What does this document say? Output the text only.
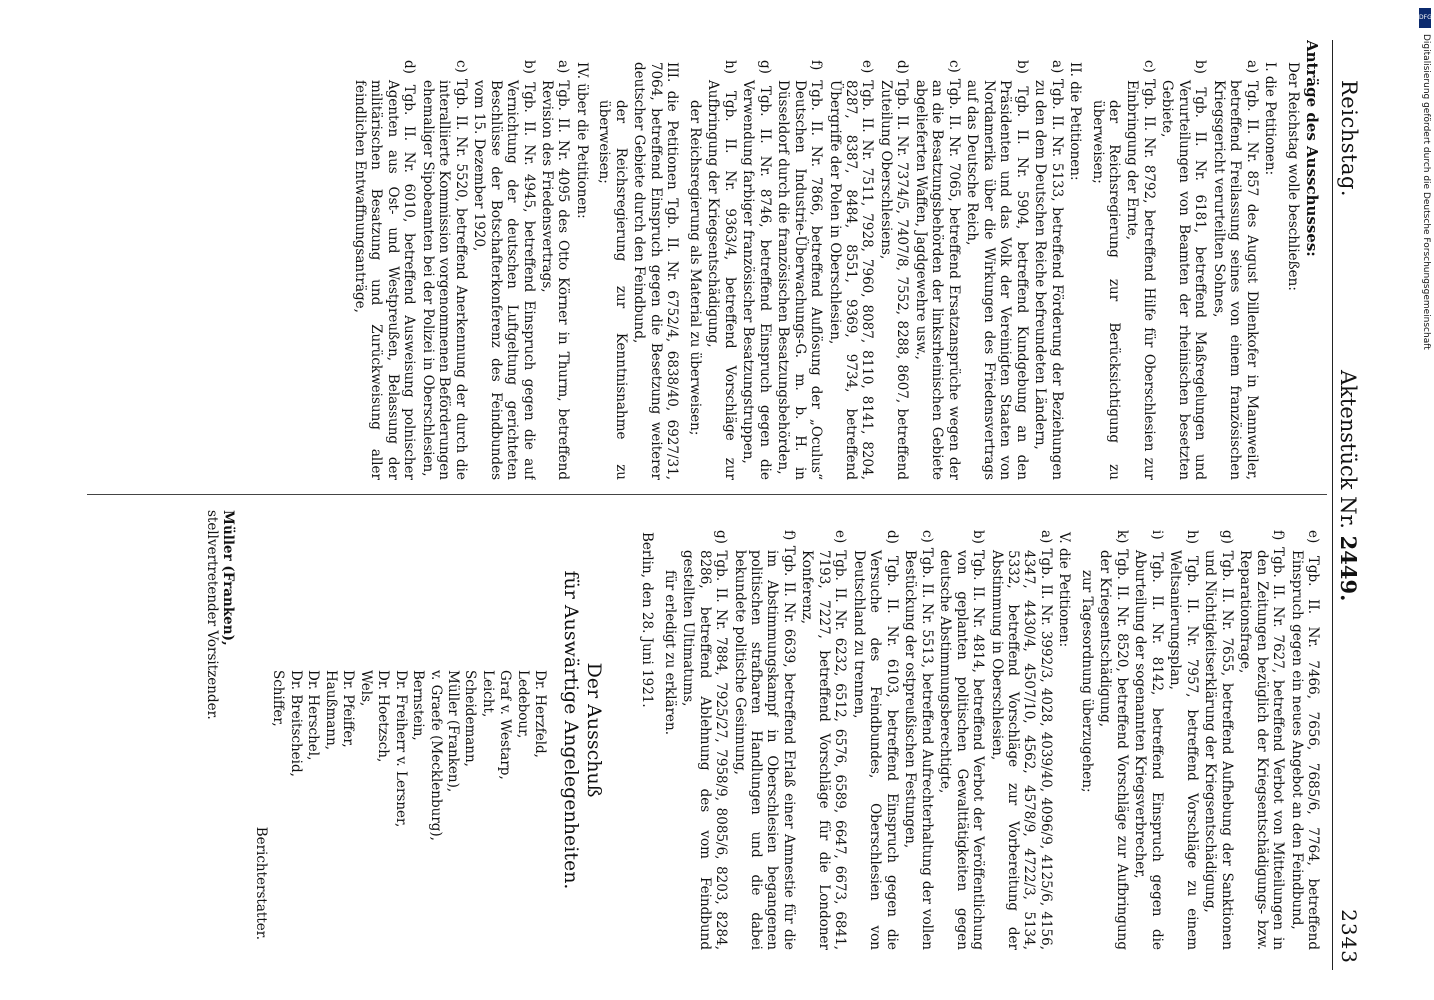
DFG
Digitalisierung gefördert durch die Deutsche Forschungsgemeinschaft
Reichstag.
Aktenstück Nr. 2449.
2343

Anträge des Ausschusses:

Der Reichstag wolle beschließen:

I. die Petitionen:

a) Tgb. II. Nr. 857 des August Dillenkofer in Mannweiler, betreffend Freilassung seines von einem französischen Kriegsgericht verurteilten Sohnes,

b) Tgb. II. Nr. 6181, betreffend Maßregelungen und Verurteilungen von Beamten der rheinischen besetzten Gebiete,

c) Tgb. II. Nr. 8792, betreffend Hilfe für Oberschlesien zur Einbringung der Ernte,

der Reichsregierung zur Berücksichtigung zu überweisen;

II. die Petitionen:

a) Tgb. II. Nr. 5133, betreffend Förderung der Beziehungen zu den dem Deutschen Reiche befreundeten Ländern,

b) Tgb. II. Nr. 5904, betreffend Kundgebung an den Präsidenten und das Volk der Vereinigten Staaten von Nordamerika über die Wirkungen des Friedensvertrags auf das Deutsche Reich,

c) Tgb. II. Nr. 7065, betreffend Ersatzansprüche wegen der an die Besatzungsbehörden der linksrheinischen Gebiete abgelieferten Waffen, Jagdgewehre usw.,

d) Tgb. II. Nr. 7374/5, 7407/8, 7552, 8288, 8607, betreffend Zuteilung Oberschlesiens,

e) Tgb. II. Nr. 7511, 7928, 7960, 8087, 8110, 8141, 8204, 8287, 8387, 8484, 8551, 9369, 9734, betreffend Übergriffe der Polen in Oberschlesien,

f) Tgb. II. Nr. 7866, betreffend Auflösung der „Oculus“ Deutschen Industrie-Überwachungs-G. m. b. H. in Düsseldorf durch die französischen Besatzungsbehörden,

g) Tgb. II. Nr. 8746, betreffend Einspruch gegen die Verwendung farbiger französischer Besatzungstruppen,

h) Tgb. II. Nr. 9363/4, betreffend Vorschläge zur Aufbringung der Kriegsentschädigung,

der Reichsregierung als Material zu überweisen;

III. die Petitionen Tgb. II. Nr. 6752/4, 6838/40, 6927/31, 7064, betreffend Einspruch gegen die Besetzung weiterer deutscher Gebiete durch den Feindbund,

der Reichsregierung zur Kenntnisnahme zu überweisen;

IV. über die Petitionen:

a) Tgb. II. Nr. 4095 des Otto Körner in Thurm, betreffend Revision des Friedensvertrags,

b) Tgb. II. Nr. 4945, betreffend Einspruch gegen die auf Vernichtung der deutschen Luftgeltung gerichteten Beschlüsse der Botschafterkonferenz des Feindbundes vom 15. Dezember 1920,

c) Tgb. II. Nr. 5520, betreffend Anerkennung der durch die interalliierte Kommission vorgenommenen Beförderungen ehemaliger Sipobeamten bei der Polizei in Oberschlesien,

d) Tgb. II. Nr. 6010, betreffend Ausweisung polnischer Agenten aus Ost- und Westpreußen, Belassung der militärischen Besatzung und Zurückweisung aller feindlichen Entwaffnungsanträge,

e) Tgb. II. Nr. 7466, 7656, 7685/6, 7764, betreffend Einspruch gegen ein neues Angebot an den Feindbund,

f) Tgb. II. Nr. 7627, betreffend Verbot von Mitteilungen in den Zeitungen bezüglich der Kriegsentschädigungs- bzw. Reparationsfrage,

g) Tgb. II. Nr. 7655, betreffend Aufhebung der Sanktionen und Nichtigkeitserklärung der Kriegsentschädigung,

h) Tgb. II. Nr. 7957, betreffend Vorschläge zu einem Weltsanierungsplan,

i) Tgb. II. Nr. 8142, betreffend Einspruch gegen die Aburteilung der sogenannten Kriegsverbrecher,

k) Tgb. II. Nr. 8520, betreffend Vorschläge zur Aufbringung der Kriegsentschädigung,

zur Tagesordnung überzugehen;

V. die Petitionen:

a) Tgb. II. Nr. 3992/3, 4028, 4039/40, 4096/9, 4125/6, 4156, 4347, 4430/4, 4507/10, 4562, 4578/9, 4722/3, 5134, 5332, betreffend Vorschläge zur Vorbereitung der Abstimmung in Oberschlesien,

b) Tgb. II. Nr. 4814, betreffend Verbot der Veröffentlichung von geplanten politischen Gewalttätigkeiten gegen deutsche Abstimmungsberechtigte,

c) Tgb. II. Nr. 5513, betreffend Aufrechterhaltung der vollen Bestückung der ostpreußischen Festungen,

d) Tgb. II. Nr. 6103, betreffend Einspruch gegen die Versuche des Feindbundes, Oberschlesien von Deutschland zu trennen,

e) Tgb. II. Nr. 6232, 6512, 6576, 6589, 6647, 6673, 6841, 7193, 7227, betreffend Vorschläge für die Londoner Konferenz,

f) Tgb. II. Nr. 6639, betreffend Erlaß einer Amnestie für die im Abstimmungskampf in Oberschlesien begangenen politischen strafbaren Handlungen und die dabei bekundete politische Gesinnung,

g) Tgb. II. Nr. 7884, 7925/27, 7958/9, 8085/6, 8203, 8284, 8286, betreffend Ablehnung des vom Feindbund gestellten Ultimatums,

für erledigt zu erklären.

Berlin, den 28. Juni 1921.

Der Ausschuß
für Auswärtige Angelegenheiten.
Dr. Herzfeld,
Ledebour,
Graf v. Westarp,
Leicht,
Scheidemann,
Müller (Franken),
v. Graefe (Mecklenburg),
Bernstein,
Dr. Freiherr v. Lersner,
Dr. Hoetzsch,
Wels,
Dr. Pfeiffer,
Haußmann,
Dr. Herschel,
Dr. Breitscheid,
Schiffer,
Berichterstatter.
Müller (Franken),
stellvertretender Vorsitzender.
